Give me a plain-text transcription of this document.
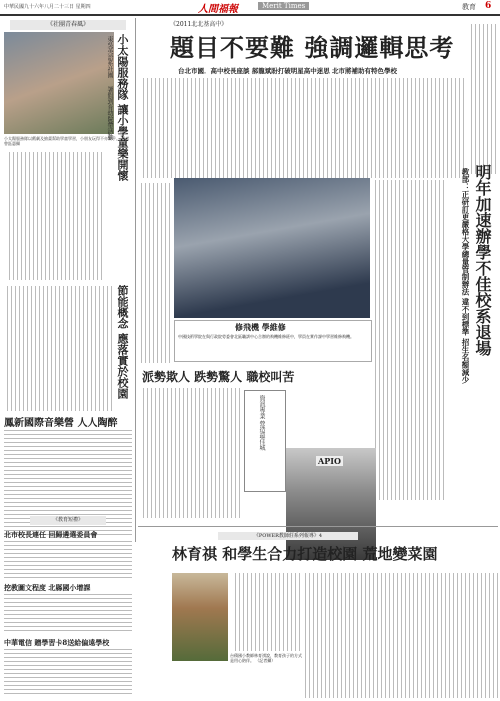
中華民國九十六年八月二十三日 星期四	人間福報	Merit Times	教育 6
《社團青春風》
小太陽服務隊以戲劇及繪畫幫助學童學習，小朋友玩得不亦樂乎。 記者曾鈺惠攝	小太陽服務隊 讓小學童樂開懷
東吳英語系社團
暑假到育幼院帶活動
節能概念 應落實於校園
鳳新國際音樂營 人人陶醉
《教育短禮》
北市校長連任 回歸遴選委員會
挖教圖文程度 北縣國小增課
中華電信 贈學習卡8送給偏遠學校
《2011北北基高中》
題目不要難 強調邏輯思考
台北市國．高中校長座談 郝龍斌盼打破明星高中迷思 北市將補助有特色學校
修飛機 學維修
中國技術學院在與行政院勞委會北區職訓中心合辦的飛機維修班中，學員在實作課中學習維修飛機。	明年加速辦學不佳校系退場
教部：正研訂更嚴格大學總量管制辦法 違不到標準 招生名額減少
派勢欺人 跌勢驚人 職校叫苦
資訊專業 營造最佳城
APIO
《POWER教師莊系列報導》4
林育祺 和學生合力打造校園 荒地變菜園
台積國小教師林育祺說，教育孩子的方式是用心陪伴。 （記者攝）
